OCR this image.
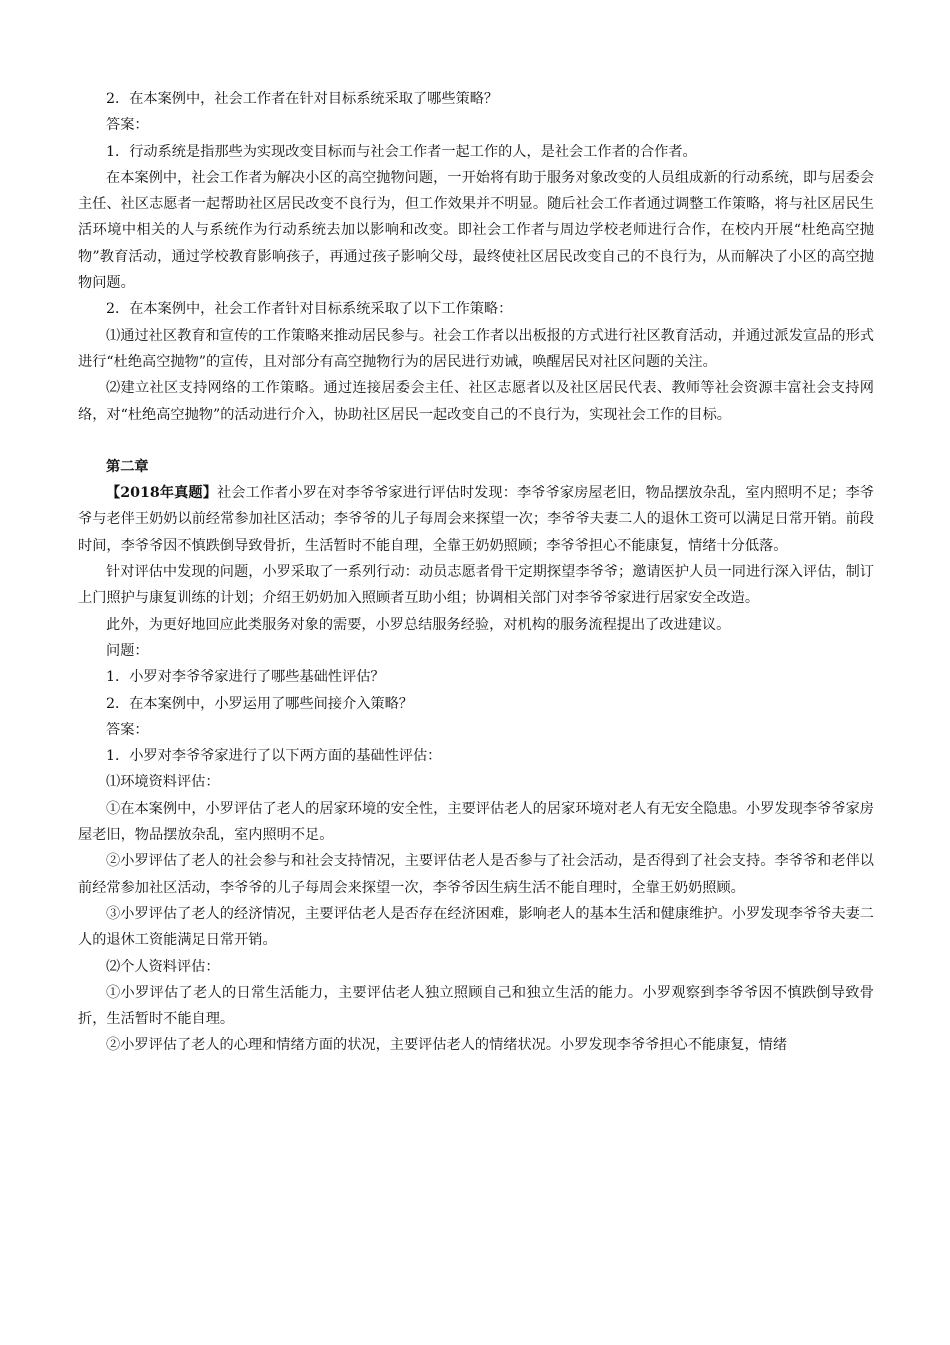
2．在本案例中，社会工作者在针对目标系统采取了哪些策略？

答案：

1．行动系统是指那些为实现改变目标而与社会工作者一起工作的人，是社会工作者的合作者。

在本案例中，社会工作者为解决小区的高空抛物问题，一开始将有助于服务对象改变的人员组成新的行动系统，即与居委会主任、社区志愿者一起帮助社区居民改变不良行为，但工作效果并不明显。随后社会工作者通过调整工作策略，将与社区居民生活环境中相关的人与系统作为行动系统去加以影响和改变。即社会工作者与周边学校老师进行合作，在校内开展“杜绝高空抛物”教育活动，通过学校教育影响孩子，再通过孩子影响父母，最终使社区居民改变自己的不良行为，从而解决了小区的高空抛物问题。

2．在本案例中，社会工作者针对目标系统采取了以下工作策略：

⑴通过社区教育和宣传的工作策略来推动居民参与。社会工作者以出板报的方式进行社区教育活动，并通过派发宣品的形式进行“杜绝高空抛物”的宣传，且对部分有高空抛物行为的居民进行劝诫，唤醒居民对社区问题的关注。

⑵建立社区支持网络的工作策略。通过连接居委会主任、社区志愿者以及社区居民代表、教师等社会资源丰富社会支持网络，对“杜绝高空抛物”的活动进行介入，协助社区居民一起改变自己的不良行为，实现社会工作的目标。

第二章

【2018年真题】社会工作者小罗在对李爷爷家进行评估时发现：李爷爷家房屋老旧，物品摆放杂乱，室内照明不足；李爷爷与老伴王奶奶以前经常参加社区活动；李爷爷的儿子每周会来探望一次；李爷爷夫妻二人的退休工资可以满足日常开销。前段时间，李爷爷因不慎跌倒导致骨折，生活暂时不能自理，全靠王奶奶照顾；李爷爷担心不能康复，情绪十分低落。

针对评估中发现的问题，小罗采取了一系列行动：动员志愿者骨干定期探望李爷爷；邀请医护人员一同进行深入评估，制订上门照护与康复训练的计划；介绍王奶奶加入照顾者互助小组；协调相关部门对李爷爷家进行居家安全改造。

此外，为更好地回应此类服务对象的需要，小罗总结服务经验，对机构的服务流程提出了改进建议。

问题：

1．小罗对李爷爷家进行了哪些基础性评估？

2．在本案例中，小罗运用了哪些间接介入策略？

答案：

1．小罗对李爷爷家进行了以下两方面的基础性评估：

⑴环境资料评估：

①在本案例中，小罗评估了老人的居家环境的安全性，主要评估老人的居家环境对老人有无安全隐患。小罗发现李爷爷家房屋老旧，物品摆放杂乱，室内照明不足。

②小罗评估了老人的社会参与和社会支持情况，主要评估老人是否参与了社会活动，是否得到了社会支持。李爷爷和老伴以前经常参加社区活动，李爷爷的儿子每周会来探望一次，李爷爷因生病生活不能自理时，全靠王奶奶照顾。

③小罗评估了老人的经济情况，主要评估老人是否存在经济困难，影响老人的基本生活和健康维护。小罗发现李爷爷夫妻二人的退休工资能满足日常开销。

⑵个人资料评估：

①小罗评估了老人的日常生活能力，主要评估老人独立照顾自己和独立生活的能力。小罗观察到李爷爷因不慎跌倒导致骨折，生活暂时不能自理。

②小罗评估了老人的心理和情绪方面的状况，主要评估老人的情绪状况。小罗发现李爷爷担心不能康复，情绪
